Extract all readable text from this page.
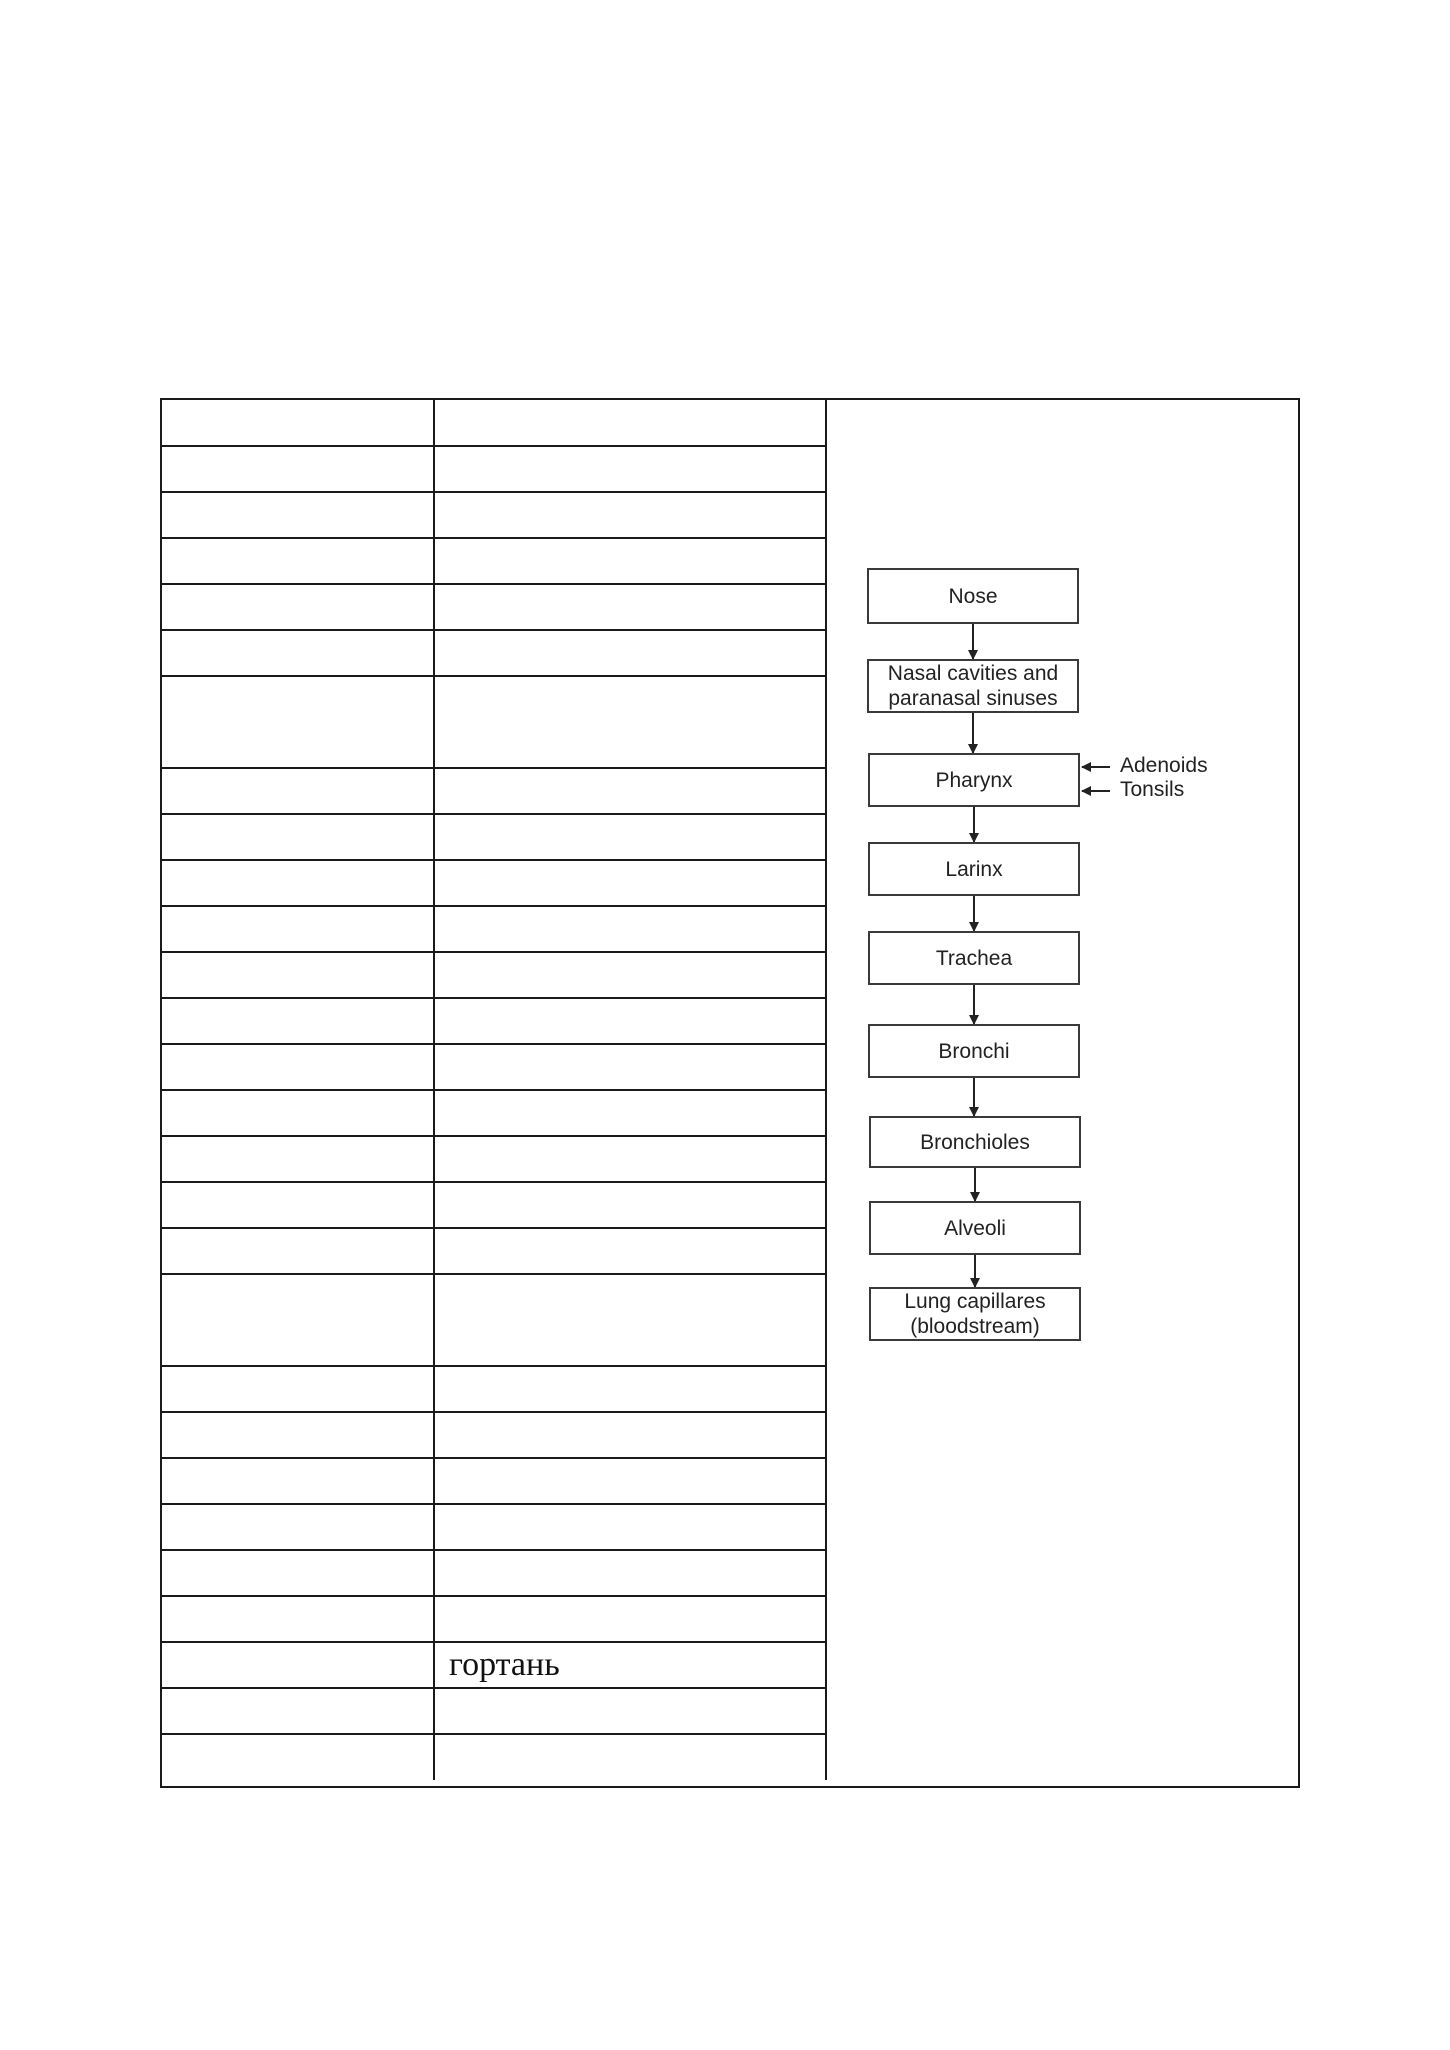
	гортань

Nose
Nasal cavities and
paranasal sinuses
Pharynx
Larinx
Trachea
Bronchi
Bronchioles
Alveoli
Lung capillares
(bloodstream)
Adenoids
Tonsils
